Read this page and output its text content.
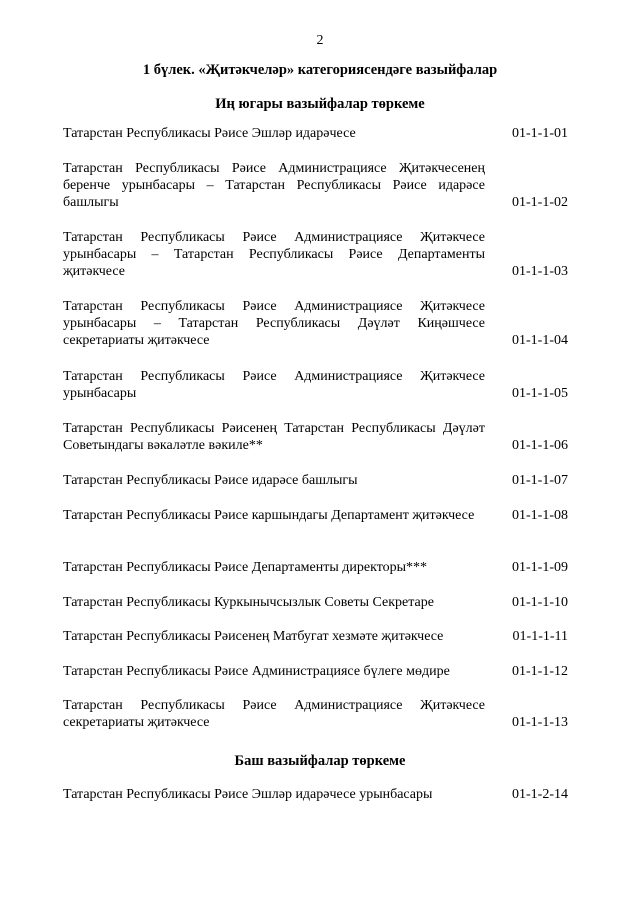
2
1 бүлек. «Җитәкчеләр» категориясендәге вазыйфалар
Иң югары вазыйфалар төркеме
Татарстан Республикасы Рәисе Эшләр идарәчесе	01-1-1-01
Татарстан Республикасы Рәисе Администрациясе Җитәкчесенең беренче урынбасары – Татарстан Республикасы Рәисе идарәсе башлыгы	01-1-1-02
Татарстан Республикасы Рәисе Администрациясе Җитәкчесе урынбасары – Татарстан Республикасы Рәисе Департаменты җитәкчесе	01-1-1-03
Татарстан Республикасы Рәисе Администрациясе Җитәкчесе урынбасары – Татарстан Республикасы Дәүләт Киңәшчесе секретариаты җитәкчесе	01-1-1-04
Татарстан Республикасы Рәисе Администрациясе Җитәкчесе урынбасары	01-1-1-05
Татарстан Республикасы Рәисенең Татарстан Республикасы Дәүләт Советындагы вәкаләтле вәкиле**	01-1-1-06
Татарстан Республикасы Рәисе идарәсе башлыгы	01-1-1-07
Татарстан Республикасы Рәисе каршындагы Департамент җитәкчесе	01-1-1-08
Татарстан Республикасы Рәисе Департаменты директоры***	01-1-1-09
Татарстан Республикасы Куркынычсызлык Советы Секретаре	01-1-1-10
Татарстан Республикасы Рәисенең Матбугат хезмәте җитәкчесе	01-1-1-11
Татарстан Республикасы Рәисе Администрациясе бүлеге мөдире	01-1-1-12
Татарстан Республикасы Рәисе Администрациясе Җитәкчесе секретариаты җитәкчесе	01-1-1-13
Баш вазыйфалар төркеме
Татарстан Республикасы Рәисе Эшләр идарәчесе урынбасары	01-1-2-14
